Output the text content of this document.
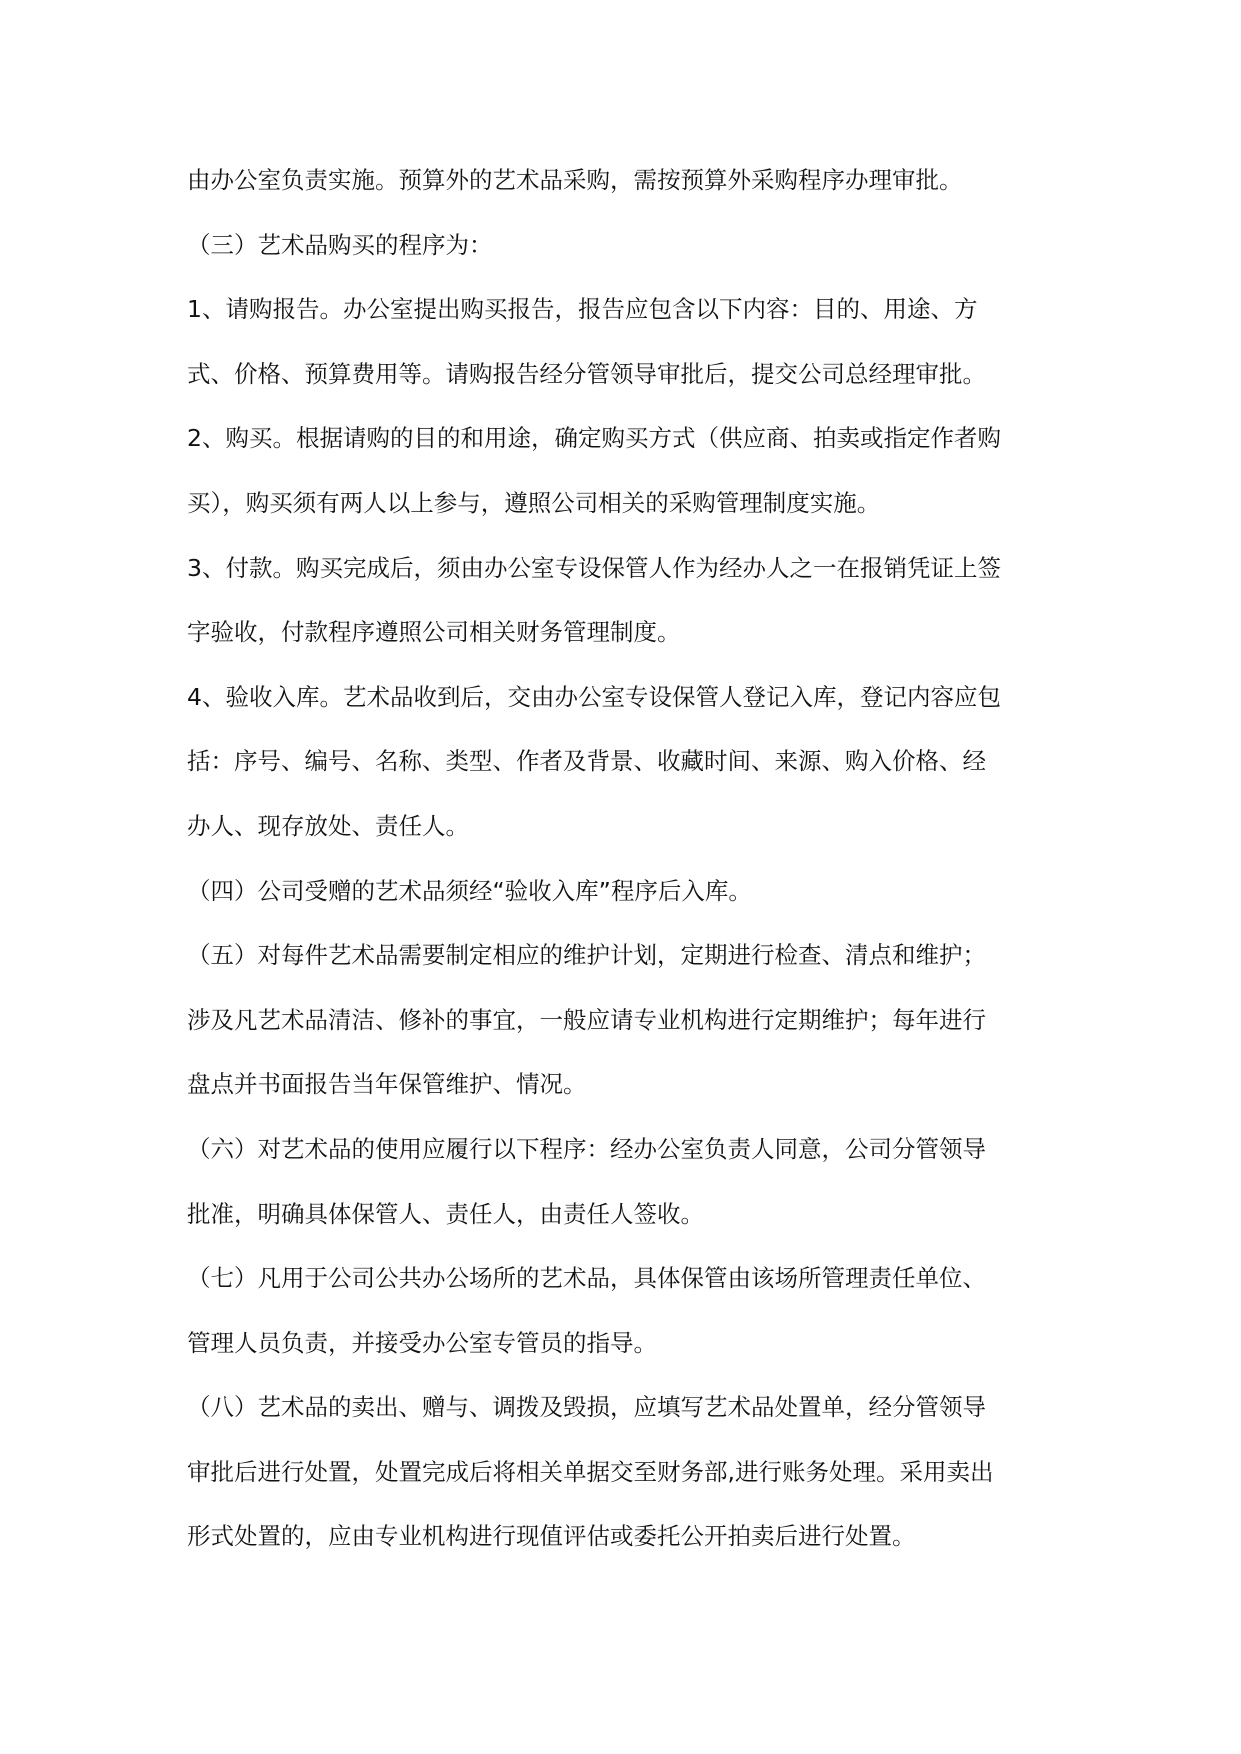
由办公室负责实施。预算外的艺术品采购，需按预算外采购程序办理审批。

（三）艺术品购买的程序为：

1、请购报告。办公室提出购买报告，报告应包含以下内容：目的、用途、方

式、价格、预算费用等。请购报告经分管领导审批后，提交公司总经理审批。

2、购买。根据请购的目的和用途，确定购买方式（供应商、拍卖或指定作者购

买），购买须有两人以上参与，遵照公司相关的采购管理制度实施。

3、付款。购买完成后，须由办公室专设保管人作为经办人之一在报销凭证上签

字验收，付款程序遵照公司相关财务管理制度。

4、验收入库。艺术品收到后，交由办公室专设保管人登记入库，登记内容应包

括：序号、编号、名称、类型、作者及背景、收藏时间、来源、购入价格、经

办人、现存放处、责任人。

（四）公司受赠的艺术品须经“验收入库”程序后入库。

（五）对每件艺术品需要制定相应的维护计划，定期进行检查、清点和维护；

涉及凡艺术品清洁、修补的事宜，一般应请专业机构进行定期维护；每年进行

盘点并书面报告当年保管维护、情况。

（六）对艺术品的使用应履行以下程序：经办公室负责人同意，公司分管领导

批准，明确具体保管人、责任人，由责任人签收。

（七）凡用于公司公共办公场所的艺术品，具体保管由该场所管理责任单位、

管理人员负责，并接受办公室专管员的指导。

（八）艺术品的卖出、赠与、调拨及毁损，应填写艺术品处置单，经分管领导

审批后进行处置，处置完成后将相关单据交至财务部,进行账务处理。采用卖出

形式处置的，应由专业机构进行现值评估或委托公开拍卖后进行处置。
